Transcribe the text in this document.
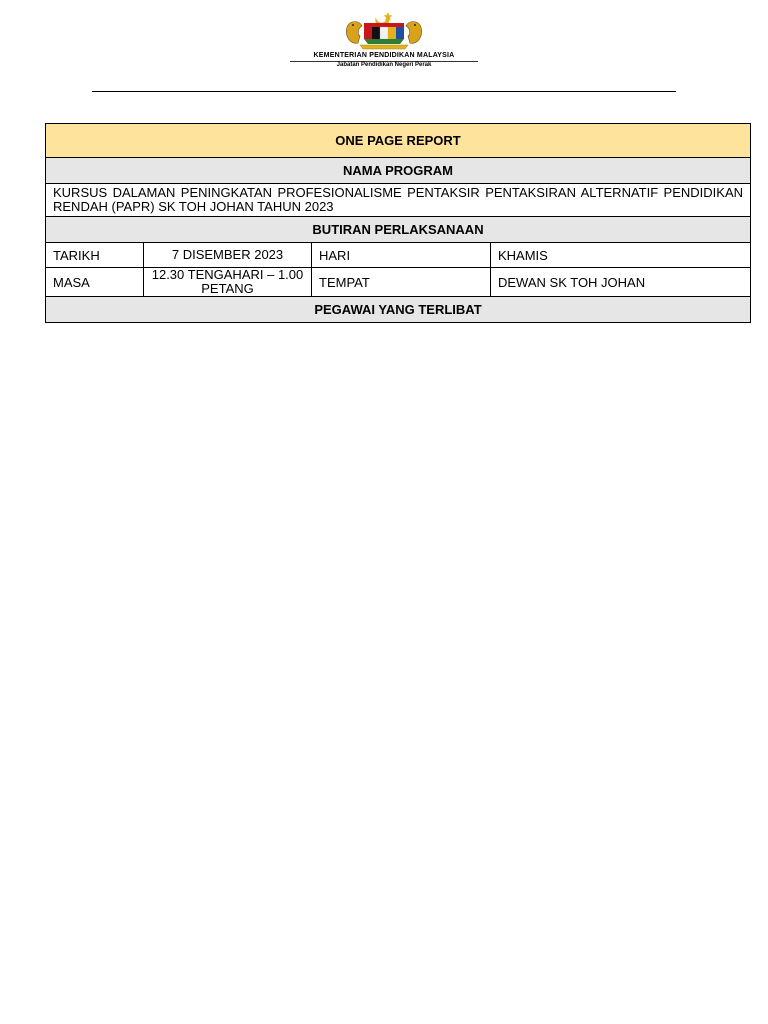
KEMENTERIAN PENDIDIKAN MALAYSIA
Jabatan Pendidikan Negeri Perak
ONE PAGE REPORT			
NAMA PROGRAM			
KURSUS DALAMAN PENINGKATAN PROFESIONALISME PENTAKSIR PENTAKSIRAN ALTERNATIF PENDIDIKAN RENDAH (PAPR) SK TOH JOHAN TAHUN 2023			
BUTIRAN PERLAKSANAAN			
TARIKH	7 DISEMBER 2023	HARI	KHAMIS
MASA	12.30 TENGAHARI – 1.00 PETANG	TEMPAT	DEWAN SK TOH JOHAN
PEGAWAI YANG TERLIBAT			
